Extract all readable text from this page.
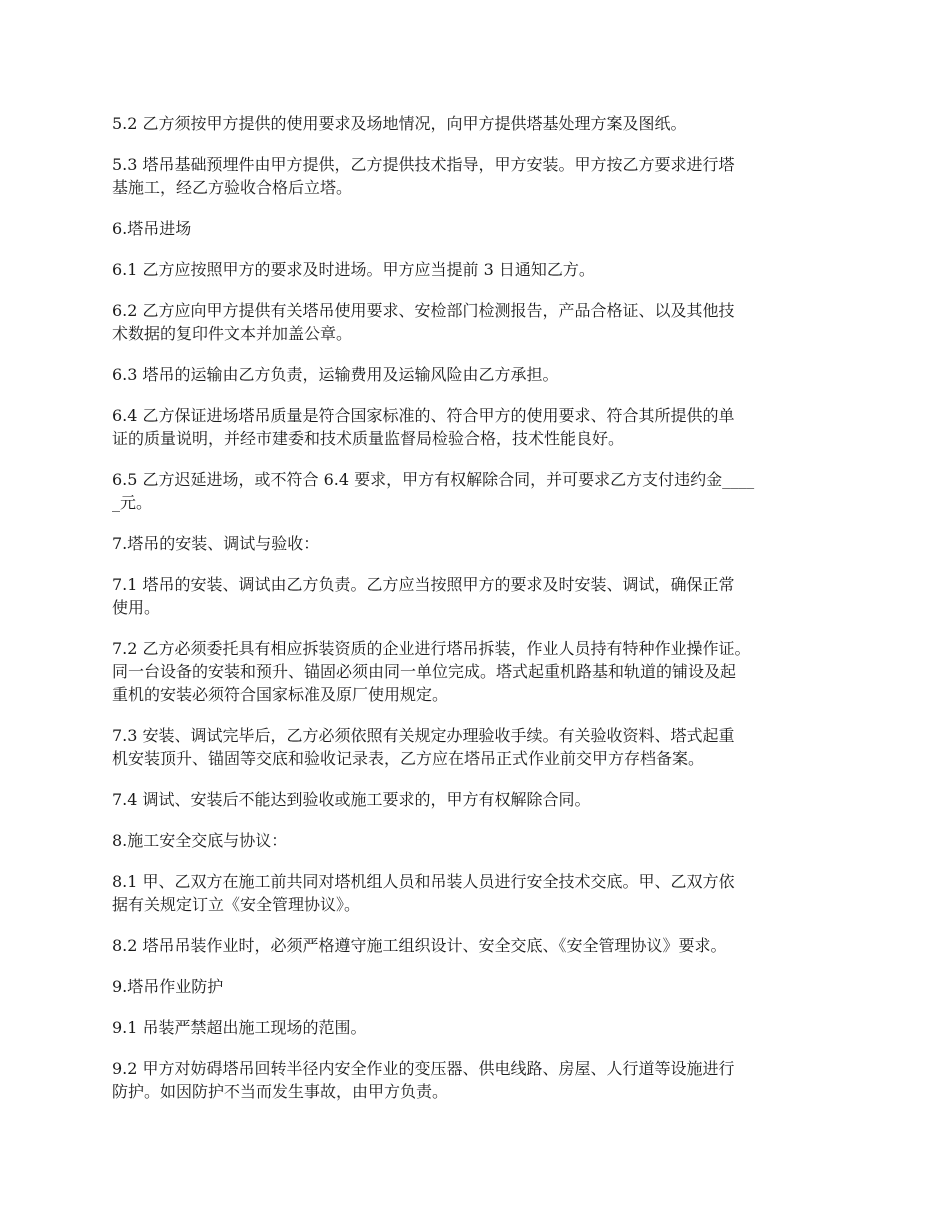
5.2 乙方须按甲方提供的使用要求及场地情况，向甲方提供塔基处理方案及图纸。

5.3 塔吊基础预埋件由甲方提供，乙方提供技术指导，甲方安装。甲方按乙方要求进行塔
基施工，经乙方验收合格后立塔。

6.塔吊进场

6.1 乙方应按照甲方的要求及时进场。甲方应当提前 3 日通知乙方。

6.2 乙方应向甲方提供有关塔吊使用要求、安检部门检测报告，产品合格证、以及其他技
术数据的复印件文本并加盖公章。

6.3 塔吊的运输由乙方负责，运输费用及运输风险由乙方承担。

6.4 乙方保证进场塔吊质量是符合国家标准的、符合甲方的使用要求、符合其所提供的单
证的质量说明，并经市建委和技术质量监督局检验合格，技术性能良好。

6.5 乙方迟延进场，或不符合 6.4 要求，甲方有权解除合同，并可要求乙方支付违约金____
_元。

7.塔吊的安装、调试与验收：

7.1 塔吊的安装、调试由乙方负责。乙方应当按照甲方的要求及时安装、调试，确保正常
使用。

7.2 乙方必须委托具有相应拆装资质的企业进行塔吊拆装，作业人员持有特种作业操作证。
同一台设备的安装和预升、锚固必须由同一单位完成。塔式起重机路基和轨道的铺设及起
重机的安装必须符合国家标准及原厂使用规定。

7.3 安装、调试完毕后，乙方必须依照有关规定办理验收手续。有关验收资料、塔式起重
机安装顶升、锚固等交底和验收记录表，乙方应在塔吊正式作业前交甲方存档备案。

7.4 调试、安装后不能达到验收或施工要求的，甲方有权解除合同。

8.施工安全交底与协议：

8.1 甲、乙双方在施工前共同对塔机组人员和吊装人员进行安全技术交底。甲、乙双方依
据有关规定订立《安全管理协议》。

8.2 塔吊吊装作业时，必须严格遵守施工组织设计、安全交底、《安全管理协议》要求。

9.塔吊作业防护

9.1 吊装严禁超出施工现场的范围。

9.2 甲方对妨碍塔吊回转半径内安全作业的变压器、供电线路、房屋、人行道等设施进行
防护。如因防护不当而发生事故，由甲方负责。
